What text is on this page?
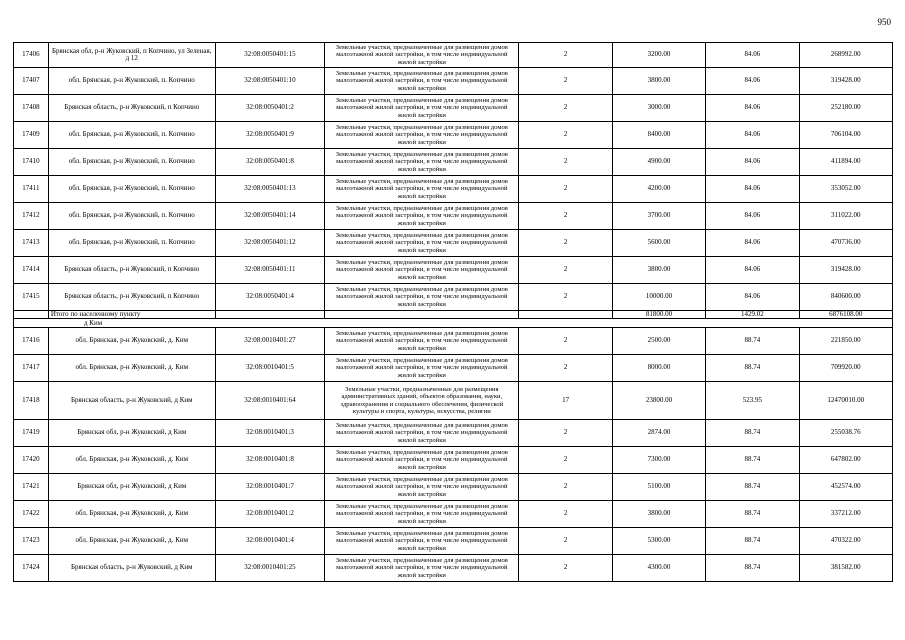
950
17406	Брянская обл, р-н Жуковский, п Копчино, ул Зеленая, д 12	32:08:0050401:15	Земельные участки, предназначенные для размещения домов малоэтажной жилой застройки, в том числе индивидуальной жилой застройки	2	3200.00	84.06	268992.00
17407	обл. Брянская, р-н Жуковский, п. Копчино	32:08:0050401:10	Земельные участки, предназначенные для размещения домов малоэтажной жилой застройки, в том числе индивидуальной жилой застройки	2	3800.00	84.06	319428.00
17408	Брянская область, р-н Жуковский, п Копчино	32:08:0050401:2	Земельные участки, предназначенные для размещения домов малоэтажной жилой застройки, в том числе индивидуальной жилой застройки	2	3000.00	84.06	252180.00
17409	обл. Брянская, р-н Жуковский, п. Копчино	32:08:0050401:9	Земельные участки, предназначенные для размещения домов малоэтажной жилой застройки, в том числе индивидуальной жилой застройки	2	8400.00	84.06	706104.00
17410	обл. Брянская, р-н Жуковский, п. Копчино	32:08:0050401:8	Земельные участки, предназначенные для размещения домов малоэтажной жилой застройки, в том числе индивидуальной жилой застройки	2	4900.00	84.06	411894.00
17411	обл. Брянская, р-н Жуковский, п. Копчино	32:08:0050401:13	Земельные участки, предназначенные для размещения домов малоэтажной жилой застройки, в том числе индивидуальной жилой застройки	2	4200.00	84.06	353052.00
17412	обл. Брянская, р-н Жуковский, п. Копчино	32:08:0050401:14	Земельные участки, предназначенные для размещения домов малоэтажной жилой застройки, в том числе индивидуальной жилой застройки	2	3700.00	84.06	311022.00
17413	обл. Брянская, р-н Жуковский, п. Копчино	32:08:0050401:12	Земельные участки, предназначенные для размещения домов малоэтажной жилой застройки, в том числе индивидуальной жилой застройки	2	5600.00	84.06	470736.00
17414	Брянская область, р-н Жуковский, п Копчино	32:08:0050401:11	Земельные участки, предназначенные для размещения домов малоэтажной жилой застройки, в том числе индивидуальной жилой застройки	2	3800.00	84.06	319428.00
17415	Брянская область, р-н Жуковский, п Копчино	32:08:0050401:4	Земельные участки, предназначенные для размещения домов малоэтажной жилой застройки, в том числе индивидуальной жилой застройки	2	10000.00	84.06	840600.00
	Итого по населенному пункту				81800.00	1429.02	6876108.00
д Ким							
17416	обл. Брянская, р-н Жуковский, д. Ким	32:08:0010401:27	Земельные участки, предназначенные для размещения домов малоэтажной жилой застройки, в том числе индивидуальной жилой застройки	2	2500.00	88.74	221850.00
17417	обл. Брянская, р-н Жуковский, д. Ким	32:08:0010401:5	Земельные участки, предназначенные для размещения домов малоэтажной жилой застройки, в том числе индивидуальной жилой застройки	2	8000.00	88.74	709920.00
17418	Брянская область, р-н Жуковский, д Ким	32:08:0010401:64	Земельные участки, предназначенные для размещения административных зданий, объектов образования, науки, здравоохранения и социального обеспечения, физической культуры и спорта, культуры, искусства, религии	17	23800.00	523.95	12470010.00
17419	Брянская обл, р-н Жуковский, д Ким	32:08:0010401:3	Земельные участки, предназначенные для размещения домов малоэтажной жилой застройки, в том числе индивидуальной жилой застройки	2	2874.00	88.74	255038.76
17420	обл. Брянская, р-н Жуковский, д. Ким	32:08:0010401:8	Земельные участки, предназначенные для размещения домов малоэтажной жилой застройки, в том числе индивидуальной жилой застройки	2	7300.00	88.74	647802.00
17421	Брянская обл, р-н Жуковский, д Ким	32:08:0010401:7	Земельные участки, предназначенные для размещения домов малоэтажной жилой застройки, в том числе индивидуальной жилой застройки	2	5100.00	88.74	452574.00
17422	обл. Брянская, р-н Жуковский, д. Ким	32:08:0010401:2	Земельные участки, предназначенные для размещения домов малоэтажной жилой застройки, в том числе индивидуальной жилой застройки	2	3800.00	88.74	337212.00
17423	обл. Брянская, р-н Жуковский, д. Ким	32:08:0010401:4	Земельные участки, предназначенные для размещения домов малоэтажной жилой застройки, в том числе индивидуальной жилой застройки	2	5300.00	88.74	470322.00
17424	Брянская область, р-н Жуковский, д Ким	32:08:0010401:25	Земельные участки, предназначенные для размещения домов малоэтажной жилой застройки, в том числе индивидуальной жилой застройки	2	4300.00	88.74	381582.00
